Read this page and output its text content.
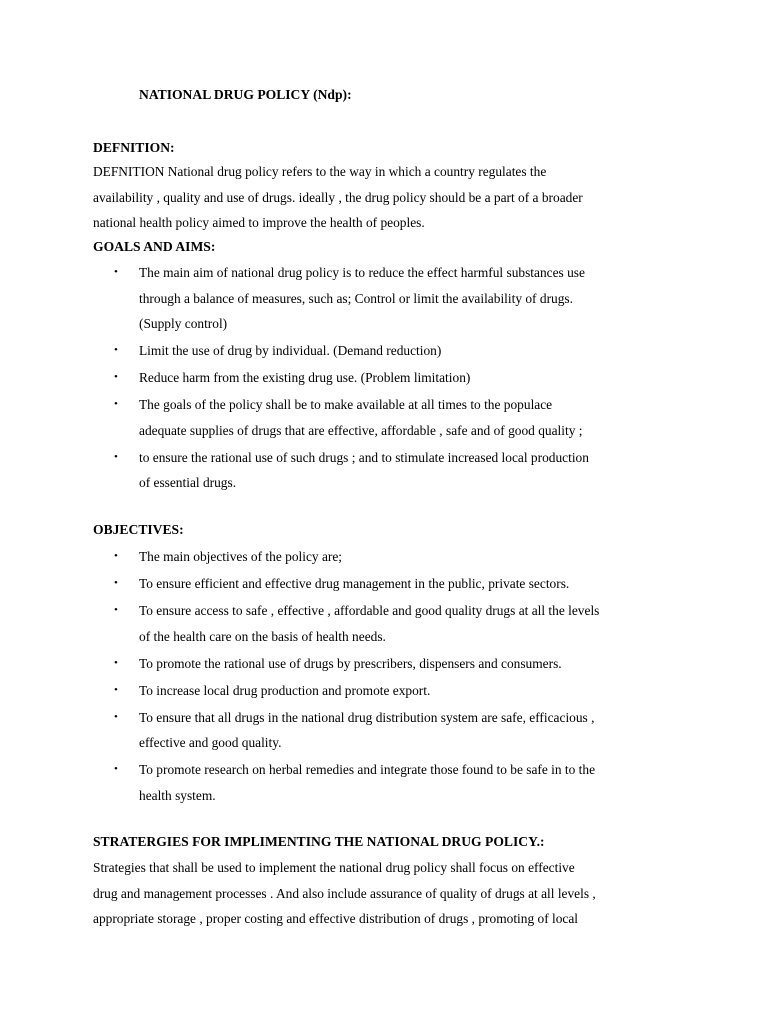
NATIONAL DRUG POLICY (Ndp):
DEFNITION:
DEFNITION National drug policy refers to the way in which a country regulates the
availability , quality and use of drugs. ideally , the drug policy should be a part of a broader
national health policy aimed to improve the health of peoples.
GOALS AND AIMS:
• The main aim of national drug policy is to reduce the effect harmful substances use
through a balance of measures, such as; Control or limit the availability of drugs.
(Supply control)
• Limit the use of drug by individual. (Demand reduction)
• Reduce harm from the existing drug use. (Problem limitation)
• The goals of the policy shall be to make available at all times to the populace
adequate supplies of drugs that are effective, affordable , safe and of good quality ;
• to ensure the rational use of such drugs ; and to stimulate increased local production
of essential drugs.
OBJECTIVES:
• The main objectives of the policy are;
• To ensure efficient and effective drug management in the public, private sectors.
• To ensure access to safe , effective , affordable and good quality drugs at all the levels
of the health care on the basis of health needs.
• To promote the rational use of drugs by prescribers, dispensers and consumers.
• To increase local drug production and promote export.
• To ensure that all drugs in the national drug distribution system are safe, efficacious ,
effective and good quality.
• To promote research on herbal remedies and integrate those found to be safe in to the
health system.
STRATERGIES FOR IMPLIMENTING THE NATIONAL DRUG POLICY.:
Strategies that shall be used to implement the national drug policy shall focus on effective
drug and management processes . And also include assurance of quality of drugs at all levels ,
appropriate storage , proper costing and effective distribution of drugs , promoting of local
